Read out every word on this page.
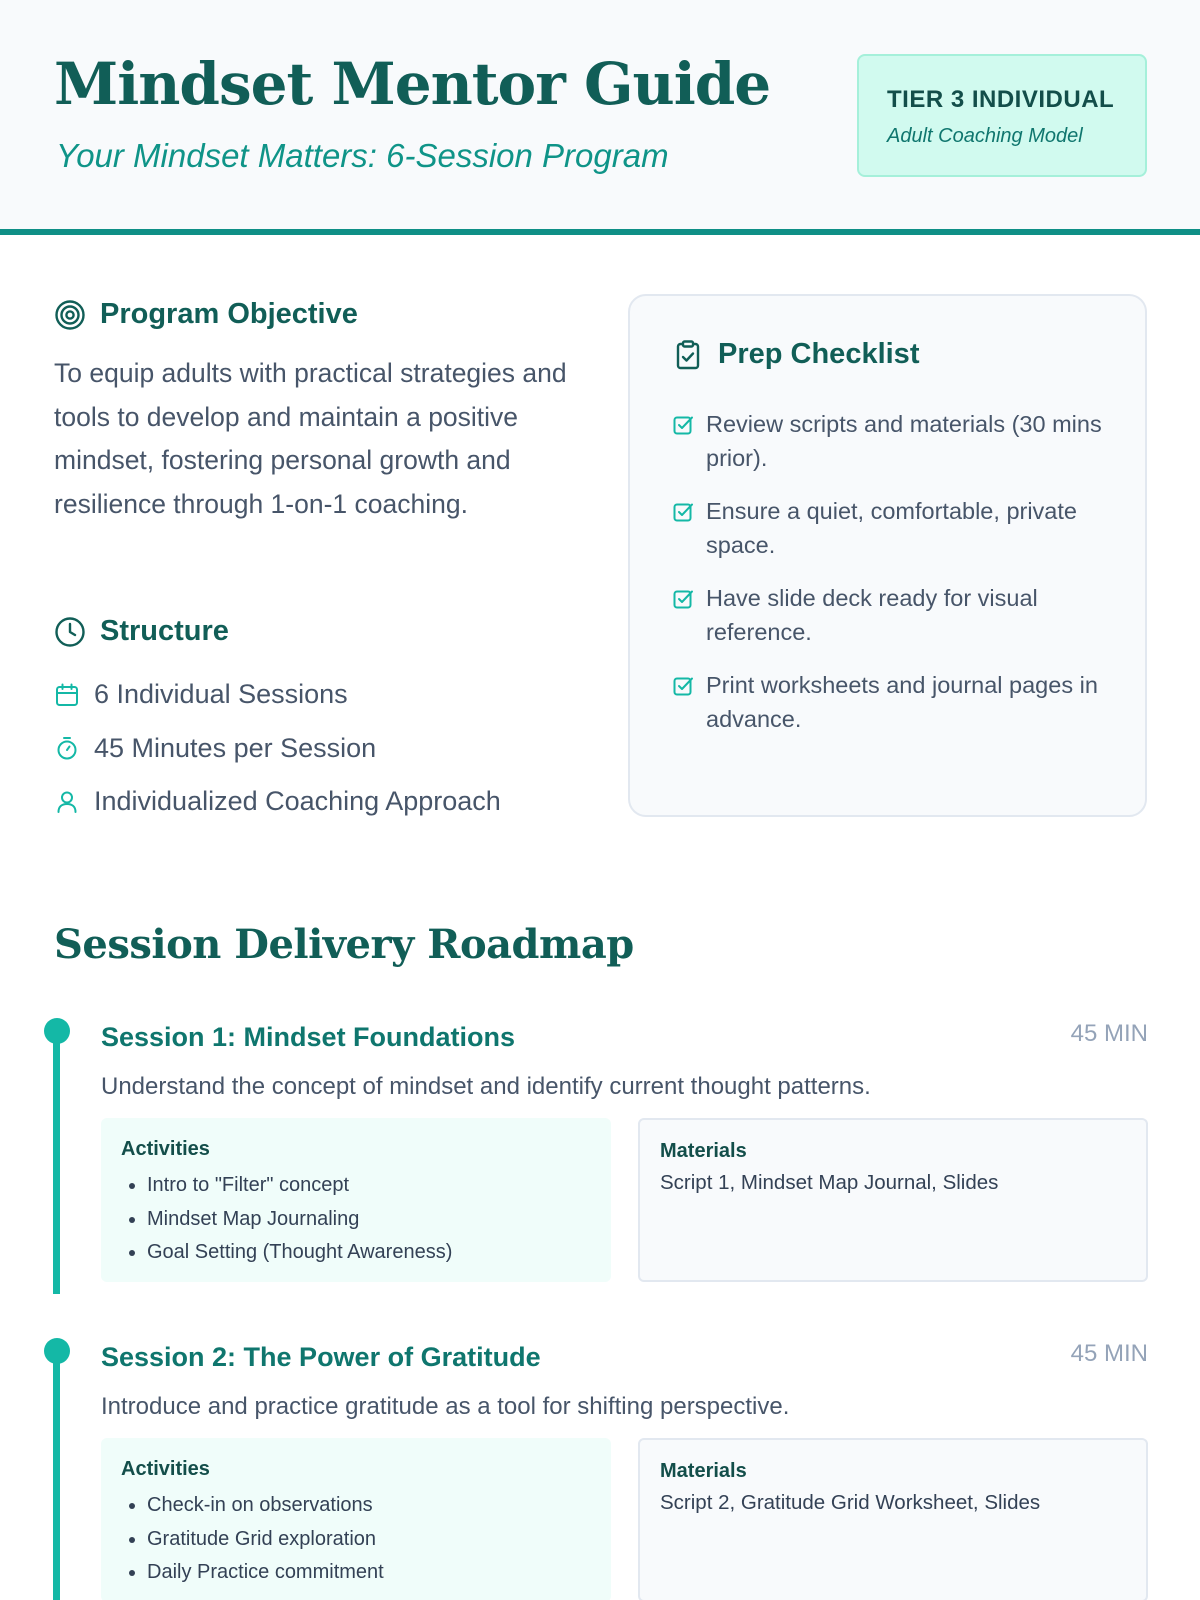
Mindset Mentor Guide
Your Mindset Matters: 6-Session Program
TIER 3 INDIVIDUAL
Adult Coaching Model
Program Objective

To equip adults with practical strategies and tools to develop and maintain a positive mindset, fostering personal growth and resilience through 1-on-1 coaching.

Structure
6 Individual Sessions
45 Minutes per Session
Individualized Coaching Approach
Prep Checklist
Review scripts and materials (30 mins prior).
Ensure a quiet, comfortable, private space.
Have slide deck ready for visual reference.
Print worksheets and journal pages in advance.
Session Delivery Roadmap
Session 1: Mindset Foundations	45 MIN
Understand the concept of mindset and identify current thought patterns.
Activities
• Intro to "Filter" concept
• Mindset Map Journaling
• Goal Setting (Thought Awareness)
Materials
Script 1, Mindset Map Journal, Slides
Session 2: The Power of Gratitude	45 MIN
Introduce and practice gratitude as a tool for shifting perspective.
Activities
• Check-in on observations
• Gratitude Grid exploration
• Daily Practice commitment
Materials
Script 2, Gratitude Grid Worksheet, Slides
